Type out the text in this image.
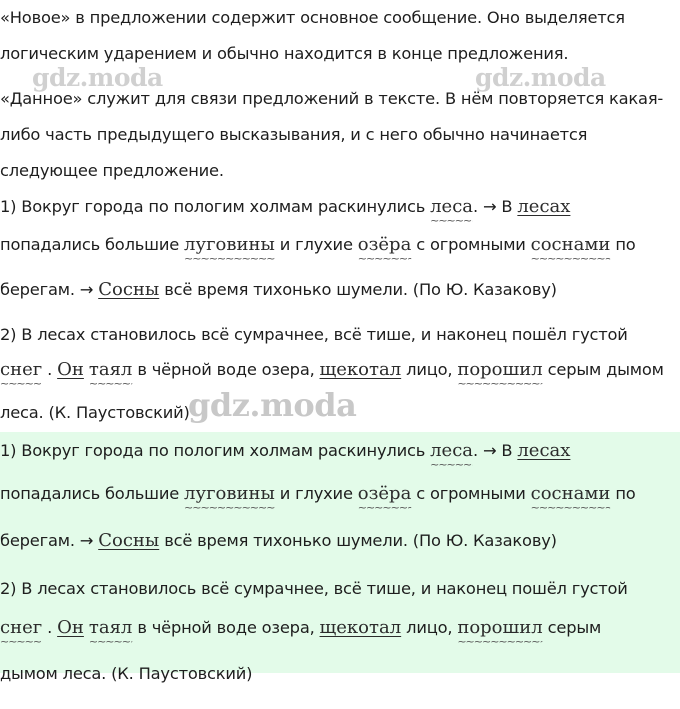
gdz.moda	gdz.moda
«Новое» в предложении содержит основное сообщение. Оно выделяется
логическим ударением и обычно находится в конце предложения.
«Данное» служит для связи предложений в тексте. В нём повторяется какая-
либо часть предыдущего высказывания, и с него обычно начинается
следующее предложение.
1) Вокруг города по пологим холмам раскинулись леса ~~~~~. → В лесах
попадались большие луговины ~~~~~ и глухие озёра ~~~~~ с огромными соснами ~~~~~ по
берегам. → Сосны всё время тихонько шумели. (По Ю. Казакову)
2) В лесах становилось всё сумрачнее, всё тише, и наконец пошёл густой
снег ~~~~~ . Он таял ~~~~~ в чёрной воде озера, щекотал лицо, порошил ~~~~~ серым дымом
леса. (К. Паустовский)
gdz.moda
1) Вокруг города по пологим холмам раскинулись леса ~~~~~. → В лесах
попадались большие луговины ~~~~~ и глухие озёра ~~~~~ с огромными соснами ~~~~~ по
берегам. → Сосны всё время тихонько шумели. (По Ю. Казакову)
2) В лесах становилось всё сумрачнее, всё тише, и наконец пошёл густой
снег ~~~~~ . Он таял ~~~~~ в чёрной воде озера, щекотал лицо, порошил ~~~~~ серым
дымом леса. (К. Паустовский)
